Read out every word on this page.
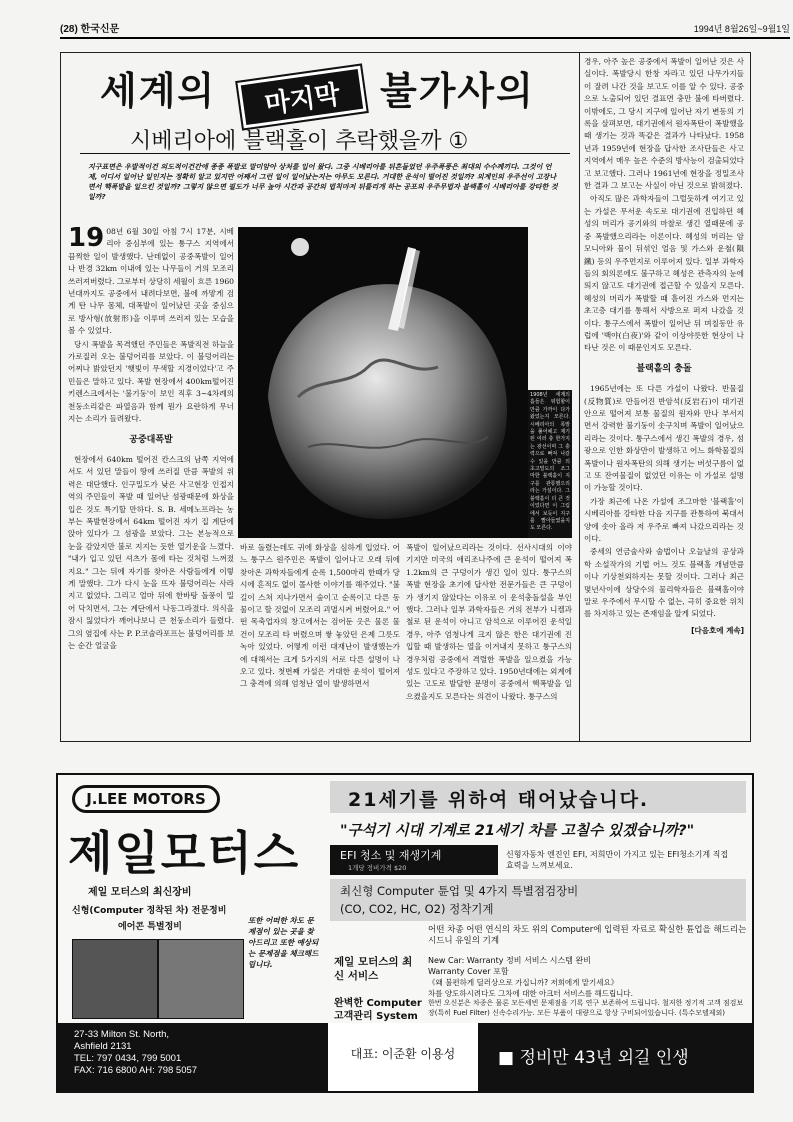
(28) 한국신문	1994년 8월26일~9월1일
세계의	불가사의
마지막
시베리아에 블랙홀이 추락했을까 ①
지구표면은 우발적이건 의도적이건간에 종종 폭발로 말미암아 상처를 입어 왔다. 그중 시베리아를 뒤흔들었던 우주폭풍은 최대의 수수께끼다. 그것이 언제, 어디서 일어난 일인지는 정확히 알고 있지만 어째서 그런 일이 일어났는지는 아무도 모른다. 거대한 운석이 떨어진 것일까? 외계인의 우주선이 고장나면서 핵폭발을 일으킨 것일까? 그렇지 않으면 필도가 너무 높아 시간과 공간의 법칙마저 뒤틀리게 하는 공포의 우주무법자 블랙홀이 시베리아를 강타한 것일까?
19 08년 6월 30일 아침 7시 17분, 시베리아 중심부에 있는 퉁구스 지역에서 끔찍한 일이 발생했다. 난데없이 공중폭발이 일어나 반경 32km 이내에 있는 나무들이 거의 모조리 쓰러져버렸다. 그로부터 상당히 세월이 흐른 1960년대까지도 공중에서 내려다보면, 불에 까맣게 검게 탄 나무 몸체, 대폭발이 일어났던 곳을 중심으로 방사형(放射形)을 이루며 쓰러져 있는 모습을 볼 수 있었다.

당시 폭발을 목격했던 주민들은 폭발직전 하늘을 가로질러 오는 불덩어리를 보았다. 이 불덩어리는 어찌나 밝았던지 '햇빛이 무색할 지경이었다'고 주민들은 말하고 있다. 폭발 현장에서 400km떨어진 키렌스크에서는 '불기둥'이 보인 직후 3~4차례의 천둥소리같은 파열음과 함께 뭔가 요란하게 무너지는 소리가 들려왔다.

공중대폭발

현장에서 640km 떨어진 칸스크의 남쪽 지역에서도 서 있던 말들이 땅에 쓰러질 만큼 폭발의 위력은 대단했다. 인구밀도가 낮은 사고현장 인접지역의 주민들이 폭발 때 일어난 섬광때문에 화상을 입은 것도 특기할 만하다. S. B. 세메노프라는 농부는 폭발현장에서 64km 떨어진 자기 집 계단에 앉아 있다가 그 섬광을 보았다. 그는 본능적으로 눈을 감았지만 불로 지지는 듯한 열기운을 느꼈다. "내가 입고 있던 셔츠가 몸에 타는 것처럼 느껴졌지요." 그는 뒤에 자기를 찾아온 사람들에게 이렇게 말했다. 그가 다시 눈을 뜨자 불덩어리는 사라지고 없었다. 그리고 얼마 뒤에 한바탕 돌풍이 밀어 닥치면서, 그는 계단에서 나동그라졌다. 의식을 잠시 잃었다가 깨어나보니 큰 천둥소리가 들렸다. 그의 옆집에 사는 P. P.코술라포프는 불덩어리를 보는 순간 얼굴을

1908년 세계의 흡들은 위험할이 만큼 가까이 다가왔었는지 모른다. 시베리아의 폭발을 풀어헤고 제기된 여러 충 한가지는 광선이며 그 충력으로 빠져 나갈 수 있을 만큼 의 초고밀도의 조그마한 블랙홀이 지구를 관통했으리라는 가설이다. 그 블랙홀이 더 큰 것이었다면 이 그림에서 보듯이 지구를 빨아들였을지도 모른다.

바로 돌렸는데도 귀에 화상을 심하게 입었다. 어느 퉁구스 원주민은 폭발이 일어나고 오래 뒤에 찾아온 과학자들에게 순록 1,500마리 한때가 당시에 흔적도 없이 몰사한 이야기를 해주었다. "불길이 스쳐 지나가면서 숲이고 순록이고 다른 동물이고 할 것없이 모조리 괴멸시켜 버렸어요." 어떤 목축업자의 창고에서는 검어둔 옷은 물론 물건이 모조리 타 버렸으며 쌓 놓았던 은제 그릇도 녹아 있었다. 어떻게 이런 대재난이 발생했는가에 대해서는 크게 5가지의 서로 다른 설명이 나오고 있다. 첫번째 가설은 거대한 운석이 떨어져 그 충격에 의해 엄청난 열이 발생하면서

폭발이 일어났으리라는 것이다. 선사시대의 이야기지만 미국의 애리조나주에 큰 운석이 떨어져 폭 1.2km의 큰 구덩이가 생긴 일이 있다. 퉁구스의 폭발 현장을 초기에 답사한 전문가들은 큰 구덩이가 생기지 않았다는 이유로 이 운석충돌설을 부인했다. 그러나 일부 과학자들은 거의 전부가 니켈과 철로 된 운석이 아니고 암석으로 이루어진 운석일 경우, 아주 엄청나게 크지 않은 한은 대기권에 진입할 때 발생하는 열을 이겨내지 못하고 퉁구스의 경우처럼 공중에서 격렬한 폭발을 일으켰을 가능성도 있다고 주장하고 있다. 1950년대에는 외계에 있는 고도로 발달한 문명이 공중에서 핵폭발을 일으켰을지도 모른다는 의견이 나왔다. 퉁구스의

경우, 아주 높은 공중에서 폭발이 일어난 것은 사실이다. 폭발당시 한창 자라고 있던 나무가지들이 잘려 나간 것을 보고도 이를 알 수 있다. 공중으로 노출되어 있던 결표면 충만 불에 타버렸다. 이밖에도, 그 당시 지구에 일어난 자기 변동의 기록을 살펴보면, 대기권에서 원자폭탄이 폭발했을 때 생기는 것과 똑같은 결과가 나타났다. 1958년과 1959년에 현장을 답사한 조사단들은 사고지역에서 매우 높은 수준의 방사능이 검출되었다고 보고했다. 그러나 1961년에 현장을 정밀조사한 결과 그 보고는 사실이 아닌 것으로 밝혀졌다.

아직도 많은 과학자들이 그럴듯하게 여기고 있는 가설은 무서운 속도로 대기권에 진입하던 혜성의 머리가 공기와의 마찰로 생긴 열때문에 공중 폭발했으리라는 이론이다. 혜성의 머리는 암모니아와 물이 뒤섞인 얼음 및 가스와 운철(隕鐵) 등의 우주먼지로 이루어져 있다. 일부 과학자들의 회의론에도 불구하고 혜성은 관측자의 눈에 띄지 않고도 대기권에 접근할 수 있을지 모른다. 혜성의 머리가 폭발할 때 흩어진 가스와 먼지는 초고층 대기를 통해서 사방으로 퍼져 나갔을 것이다. 퉁구스에서 폭발이 일어난 뒤 며칠동안 유럽에 '백야(白夜)'와 같이 이상야릇한 현상이 나타난 것은 이 때문인지도 모른다.

블랙홀의 충돌

1965년에는 또 다른 가설이 나왔다. 반물질(反物質)로 만들어진 반암석(反岩石)이 대기권 안으로 떨어져 보통 물질의 원자와 만나 부서지면서 강력한 불기둥이 솟구치며 폭발이 일어났으리라는 것이다. 퉁구스에서 생긴 폭발의 경우, 섬광으로 인한 화상만이 발생하고 어느 화학물질의 폭발이나 원자폭탄의 의해 생기는 버섯구름이 없고 또 잔여물질이 없었던 이유는 이 가설로 설명이 가능할 것이다.

가장 최근에 나온 가설에 조그마한 '블랙홀'이 시베리아를 강타한 다음 지구를 관통하여 북대서양에 솟아 올라 저 우주로 빠져 나갔으리라는 것이다.

중세의 연금술사와 술법이나 오늘날의 공상과학 소설작가의 기법 어느 것도 블랙홀 개념만큼이나 기상천외하지는 못할 것이다. 그러나 최근 몇년사이에 상당수의 물리학자들은 블랙홀이야말로 우주에서 무시할 수 없는, 극히 중요한 위치를 차지하고 있는 존재임을 알게 되었다.

[다음호에 계속]
J.LEE MOTORS
제일모터스
제일 모터스의 최신장비
신형(Computer 정착된 차) 전문정비
에어콘 특별정비
또한 어떠한 차도 문제점이 있는 곳을 찾아드리고 또한 예상되는 문제점을 체크해드립니다.
21세기를 위하여 태어났습니다.
"구석기 시대 기계로 21세기 차를 고칠수 있겠습니까?"
EFI 청소 및 재생기계
1개당 정비가격 $20
신형자동차 엔진인 EFI, 저희만이 가지고 있는 EFI청소기계 직접 효력을 느껴보세요.
최신형 Computer 튠업 및 4가지 특별점검장비
(CO, CO2, HC, O2) 정착기계
어떤 차종 어떤 연식의 차도 위의 Computer에 입력된 자료로 확실한 튠업을 해드리는 시드니 유일의 기계
제일 모터스의 최신 서비스
New Car: Warranty 정비 서비스 시스템 완비
Warranty Cover 포함
《왜 불편하게 딜러상으로 가십니까? 저희에게 맡기세요》
차를 양도하시려다도 그차에 대한 아크터 서비스를 해드립니다.
완벽한 Computer 고객관리 System
한번 오신분은 차종은 물론 모든세빈 문제점을 기록 연구 보존하여 드립니다. 철저한 정기적 고객 점검보장(특히 Fuel Filter) 신속수리가능. 모든 부품이 대량으로 항상 구비되어있습니다. (특수모델제외)
27-33 Milton St. North,
Ashfield 2131
TEL: 797 0434, 799 5001
FAX: 716 6800 AH: 798 5057
대표: 이준환 이용성	■ 정비만 43년 외길 인생
